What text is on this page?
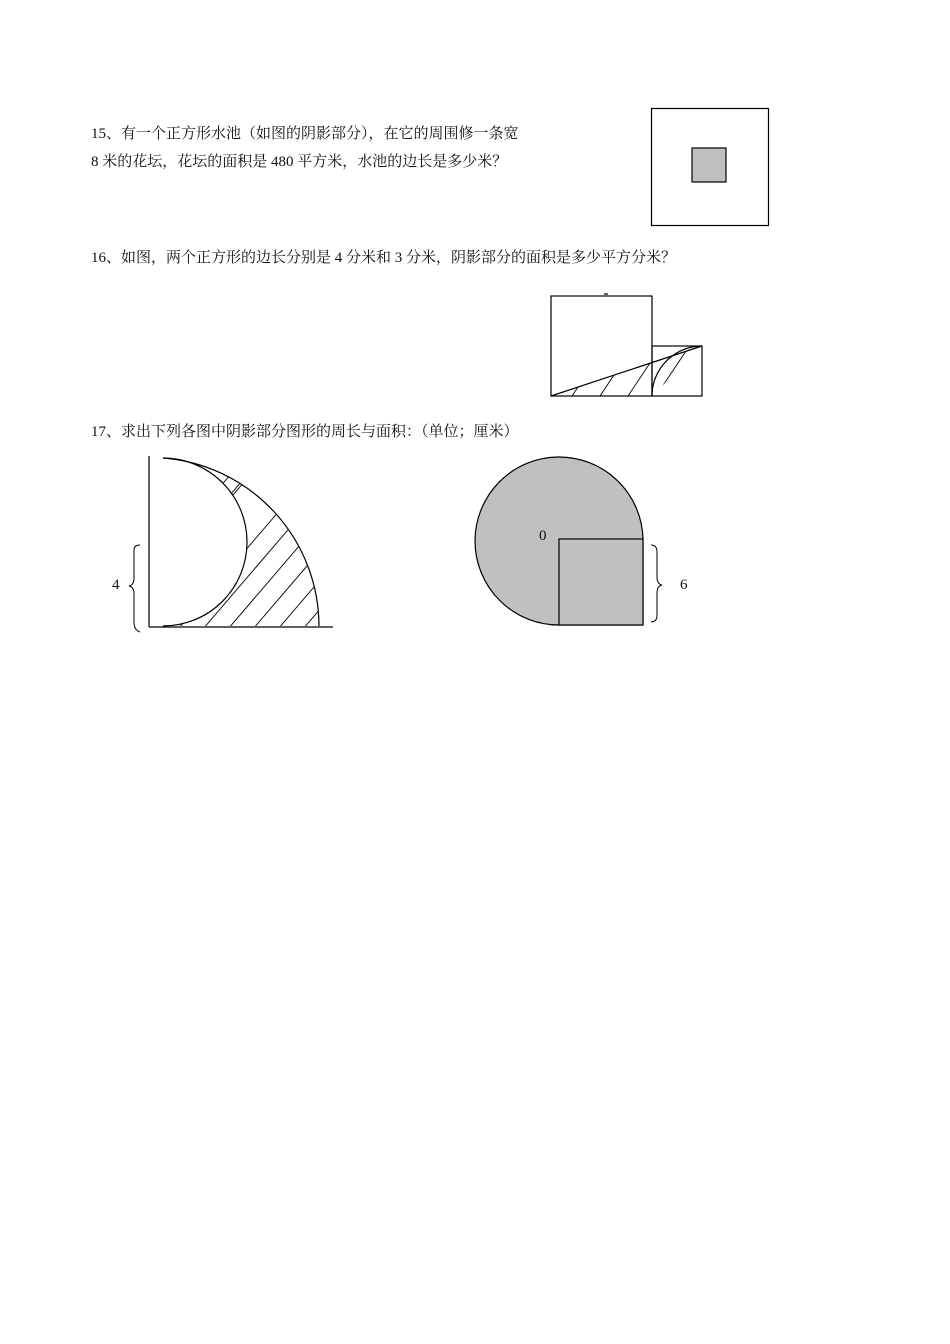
15、有一个正方形水池（如图的阴影部分），在它的周围修一条宽
8 米的花坛，花坛的面积是 480 平方米，水池的边长是多少米？
16、如图，两个正方形的边长分别是 4 分米和 3 分米，阴影部分的面积是多少平方分米？
17、求出下列各图中阴影部分图形的周长与面积：（单位；厘米）
4
0
6
